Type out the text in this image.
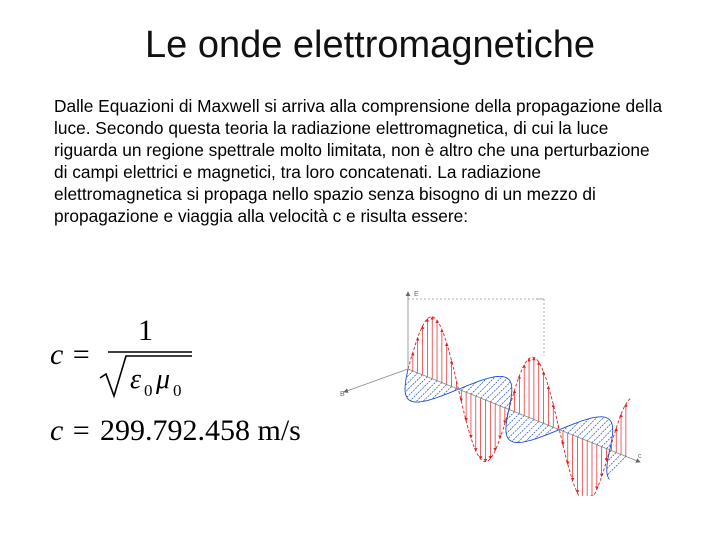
Le onde elettromagnetiche
Dalle Equazioni di Maxwell si arriva alla comprensione della propagazione della luce. Secondo questa teoria la radiazione elettromagnetica, di cui la luce riguarda un regione spettrale molto limitata, non è altro che una perturbazione di campi elettrici e magnetici, tra loro concatenati. La radiazione elettromagnetica si propaga nello spazio senza bisogno di un mezzo di propagazione e viaggia alla velocità c e risulta essere:
c =
1
ε 0 μ 0
c = 299.792.458 m/s
E
B
c
